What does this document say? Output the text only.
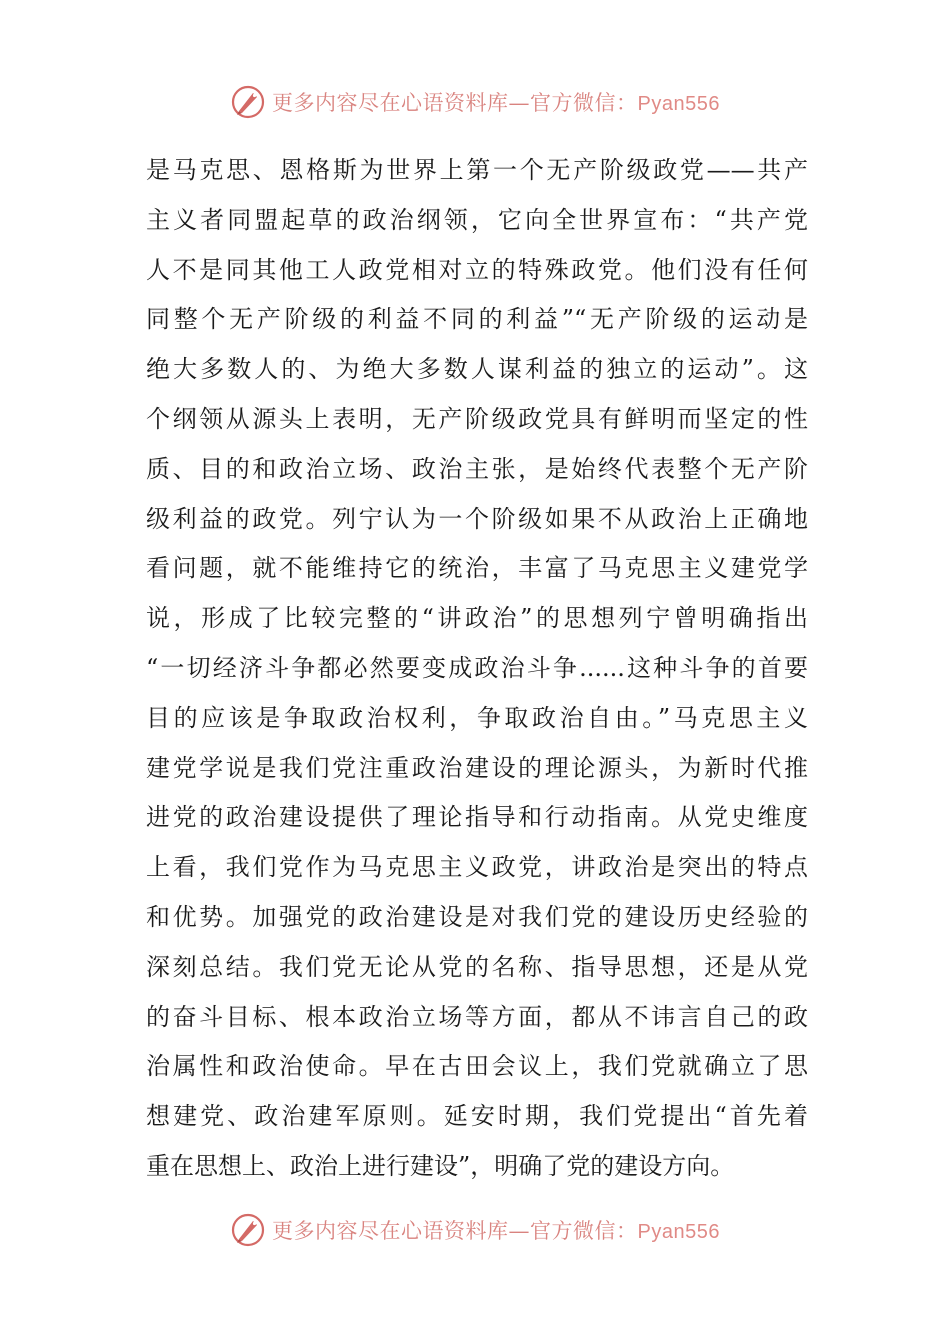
更多内容尽在心语资料库—官方微信：Pyan556
是马克思、恩格斯为世界上第一个无产阶级政党——共产
主义者同盟起草的政治纲领，它向全世界宣布：“共产党
人不是同其他工人政党相对立的特殊政党。他们没有任何
同整个无产阶级的利益不同的利益”“无产阶级的运动是
绝大多数人的、为绝大多数人谋利益的独立的运动”。这
个纲领从源头上表明，无产阶级政党具有鲜明而坚定的性
质、目的和政治立场、政治主张，是始终代表整个无产阶
级利益的政党。列宁认为一个阶级如果不从政治上正确地
看问题，就不能维持它的统治，丰富了马克思主义建党学
说，形成了比较完整的“讲政治”的思想列宁曾明确指出
“一切经济斗争都必然要变成政治斗争......这种斗争的首要
目的应该是争取政治权利，争取政治自由。”马克思主义
建党学说是我们党注重政治建设的理论源头，为新时代推
进党的政治建设提供了理论指导和行动指南。从党史维度
上看，我们党作为马克思主义政党，讲政治是突出的特点
和优势。加强党的政治建设是对我们党的建设历史经验的
深刻总结。我们党无论从党的名称、指导思想，还是从党
的奋斗目标、根本政治立场等方面，都从不讳言自己的政
治属性和政治使命。早在古田会议上，我们党就确立了思
想建党、政治建军原则。延安时期，我们党提出“首先着
重在思想上、政治上进行建设”，明确了党的建设方向。
更多内容尽在心语资料库—官方微信：Pyan556
